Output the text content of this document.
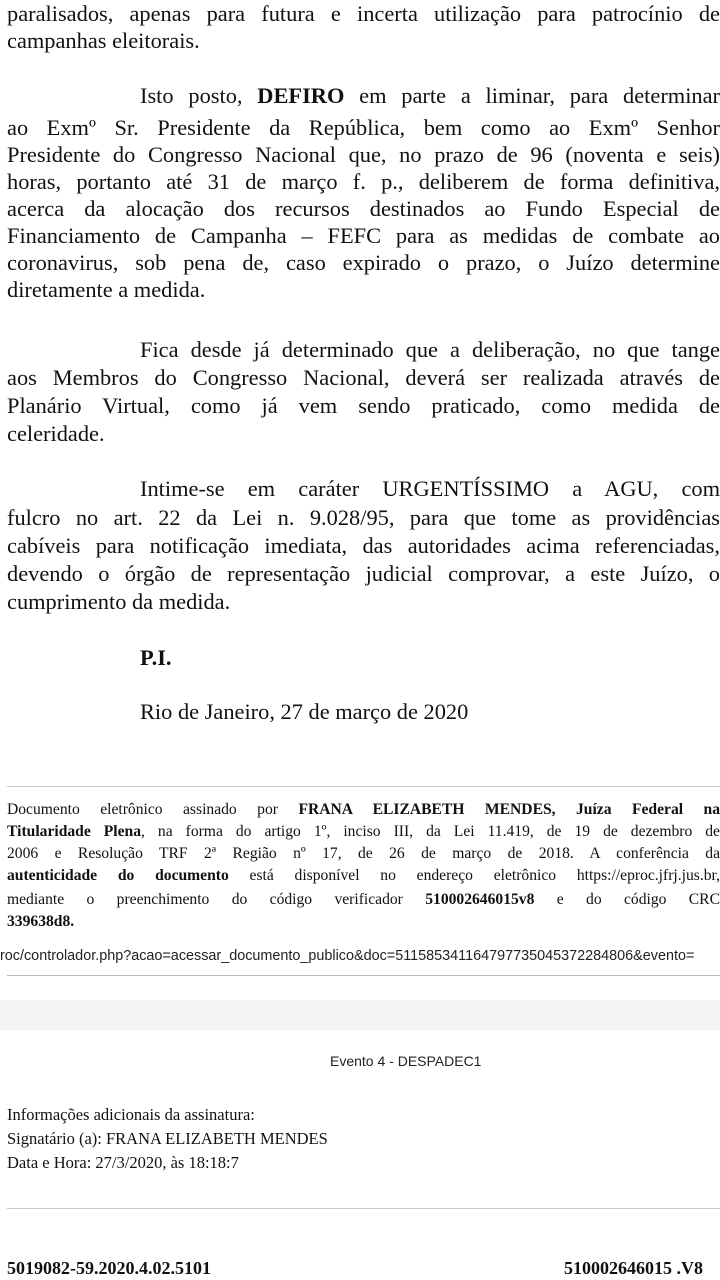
paralisados, apenas para futura e incerta utilização para patrocínio de
campanhas eleitorais.
Isto posto, DEFIRO em parte a liminar, para determinar
ao Exmº Sr. Presidente da República, bem como ao Exmº Senhor
Presidente do Congresso Nacional que, no prazo de 96 (noventa e seis)
horas, portanto até 31 de março f. p., deliberem de forma definitiva,
acerca da alocação dos recursos destinados ao Fundo Especial de
Financiamento de Campanha – FEFC para as medidas de combate ao
coronavirus, sob pena de, caso expirado o prazo, o Juízo determine
diretamente a medida.
Fica desde já determinado que a deliberação, no que tange
aos Membros do Congresso Nacional, deverá ser realizada através de
Planário Virtual, como já vem sendo praticado, como medida de
celeridade.
Intime-se em caráter URGENTÍSSIMO a AGU, com
fulcro no art. 22 da Lei n. 9.028/95, para que tome as providências
cabíveis para notificação imediata, das autoridades acima referenciadas,
devendo o órgão de representação judicial comprovar, a este Juízo, o
cumprimento da medida.
P.I.
Rio de Janeiro, 27 de março de 2020
Documento eletrônico assinado por FRANA ELIZABETH MENDES, Juíza Federal na
Titularidade Plena, na forma do artigo 1º, inciso III, da Lei 11.419, de 19 de dezembro de
2006 e Resolução TRF 2ª Região nº 17, de 26 de março de 2018. A conferência da
autenticidade do documento está disponível no endereço eletrônico https://eproc.jfrj.jus.br,
mediante o preenchimento do código verificador 510002646015v8 e do código CRC
339638d8.
roc/controlador.php?acao=acessar_documento_publico&doc=511585341164797735045372284806&evento=
Evento 4 - DESPADEC1
Informações adicionais da assinatura:
Signatário (a): FRANA ELIZABETH MENDES
Data e Hora: 27/3/2020, às 18:18:7
5019082-59.2020.4.02.5101	510002646015 .V8
